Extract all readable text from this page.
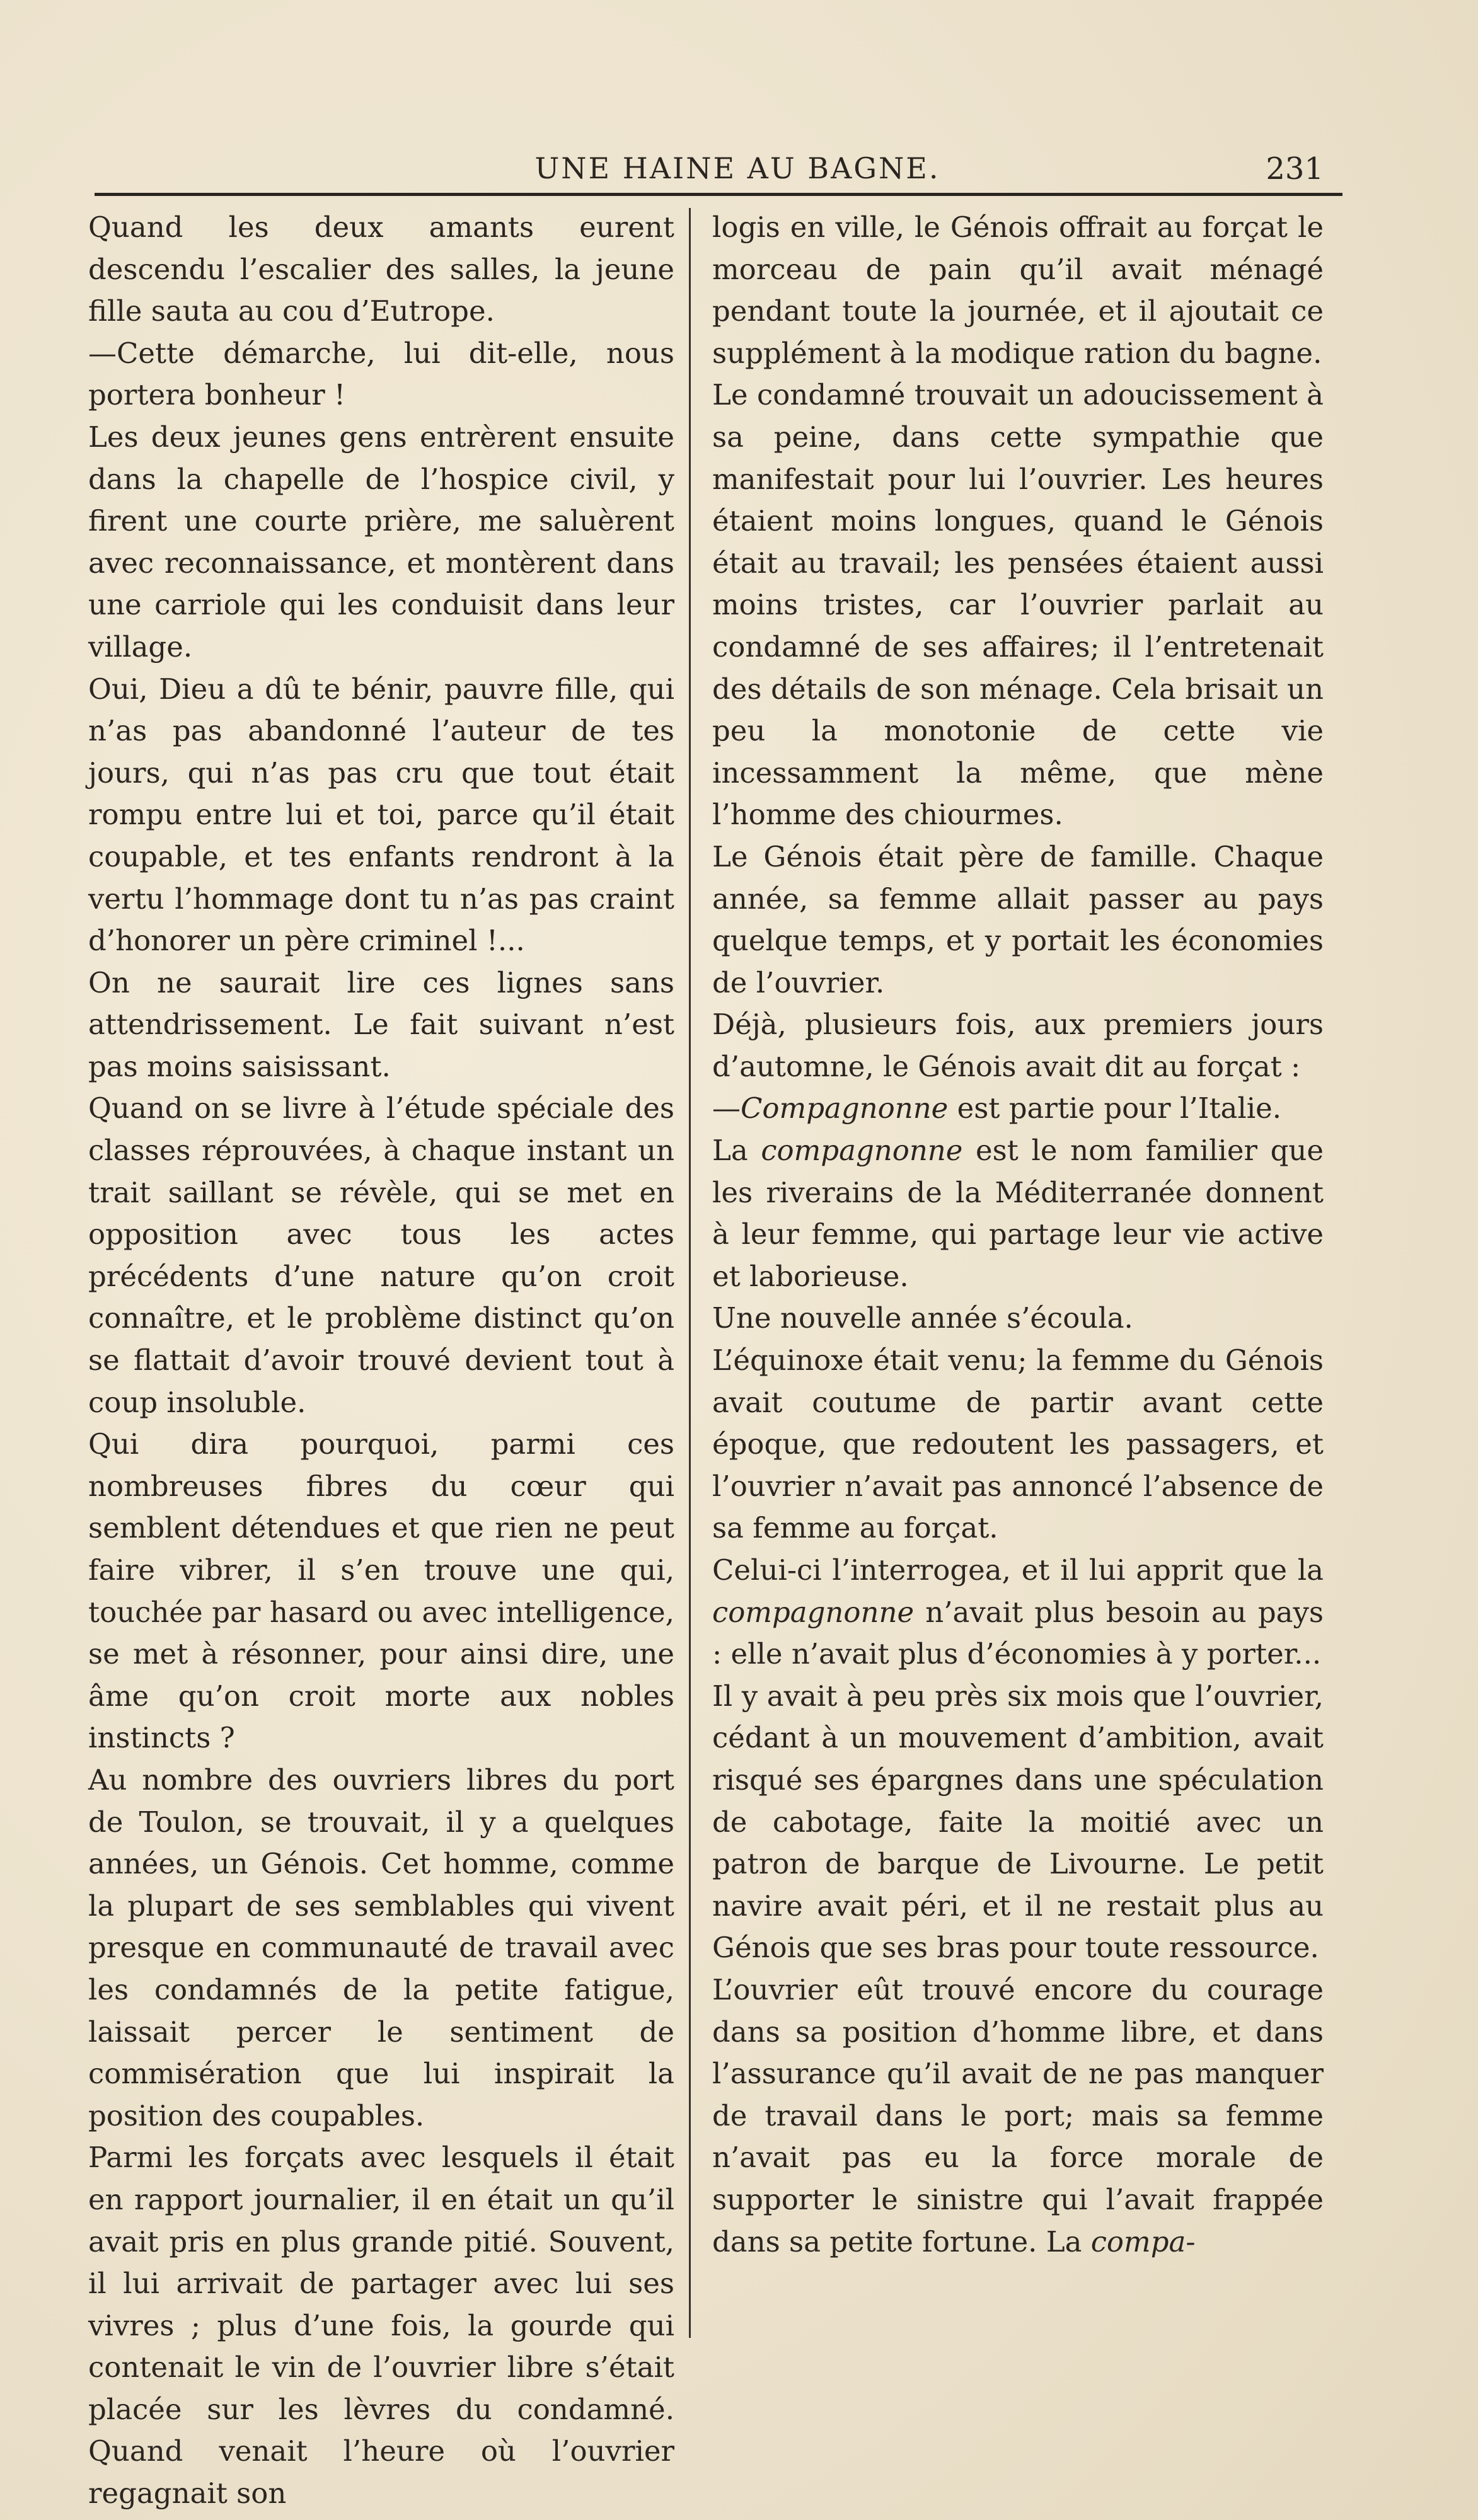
UNE HAINE AU BAGNE.	231

Quand les deux amants eurent descendu l’escalier des salles, la jeune fille sauta au cou d’Eutrope.

—Cette démarche, lui dit-elle, nous portera bonheur !

Les deux jeunes gens entrèrent ensuite dans la chapelle de l’hospice civil, y firent une courte prière, me saluèrent avec reconnaissance, et montèrent dans une carriole qui les conduisit dans leur village.

Oui, Dieu a dû te bénir, pauvre fille, qui n’as pas abandonné l’auteur de tes jours, qui n’as pas cru que tout était rompu entre lui et toi, parce qu’il était coupable, et tes enfants rendront à la vertu l’hommage dont tu n’as pas craint d’honorer un père criminel !...

On ne saurait lire ces lignes sans attendrissement. Le fait suivant n’est pas moins saisissant.

Quand on se livre à l’étude spéciale des classes réprouvées, à chaque instant un trait saillant se révèle, qui se met en opposition avec tous les actes précédents d’une nature qu’on croit connaître, et le problème distinct qu’on se flattait d’avoir trouvé devient tout à coup insoluble.

Qui dira pourquoi, parmi ces nombreuses fibres du cœur qui semblent détendues et que rien ne peut faire vibrer, il s’en trouve une qui, touchée par hasard ou avec intelligence, se met à résonner, pour ainsi dire, une âme qu’on croit morte aux nobles instincts ?

Au nombre des ouvriers libres du port de Toulon, se trouvait, il y a quelques années, un Génois. Cet homme, comme la plupart de ses semblables qui vivent presque en communauté de travail avec les condamnés de la petite fatigue, laissait percer le sentiment de commisération que lui inspirait la position des coupables.

Parmi les forçats avec lesquels il était en rapport journalier, il en était un qu’il avait pris en plus grande pitié. Souvent, il lui arrivait de partager avec lui ses vivres ; plus d’une fois, la gourde qui contenait le vin de l’ouvrier libre s’était placée sur les lèvres du condamné. Quand venait l’heure où l’ouvrier regagnait son

logis en ville, le Génois offrait au forçat le morceau de pain qu’il avait ménagé pendant toute la journée, et il ajoutait ce supplément à la modique ration du bagne.

Le condamné trouvait un adoucissement à sa peine, dans cette sympathie que manifestait pour lui l’ouvrier. Les heures étaient moins longues, quand le Génois était au travail; les pensées étaient aussi moins tristes, car l’ouvrier parlait au condamné de ses affaires; il l’entretenait des détails de son ménage. Cela brisait un peu la monotonie de cette vie incessamment la même, que mène l’homme des chiourmes.

Le Génois était père de famille. Chaque année, sa femme allait passer au pays quelque temps, et y portait les économies de l’ouvrier.

Déjà, plusieurs fois, aux premiers jours d’automne, le Génois avait dit au forçat :

—Compagnonne est partie pour l’Italie.

La compagnonne est le nom familier que les riverains de la Méditerranée donnent à leur femme, qui partage leur vie active et laborieuse.

Une nouvelle année s’écoula.

L’équinoxe était venu; la femme du Génois avait coutume de partir avant cette époque, que redoutent les passagers, et l’ouvrier n’avait pas annoncé l’absence de sa femme au forçat.

Celui-ci l’interrogea, et il lui apprit que la compagnonne n’avait plus besoin au pays : elle n’avait plus d’économies à y porter...

Il y avait à peu près six mois que l’ouvrier, cédant à un mouvement d’ambition, avait risqué ses épargnes dans une spéculation de cabotage, faite la moitié avec un patron de barque de Livourne. Le petit navire avait péri, et il ne restait plus au Génois que ses bras pour toute ressource.

L’ouvrier eût trouvé encore du courage dans sa position d’homme libre, et dans l’assurance qu’il avait de ne pas manquer de travail dans le port; mais sa femme n’avait pas eu la force morale de supporter le sinistre qui l’avait frappée dans sa petite fortune. La compa-
